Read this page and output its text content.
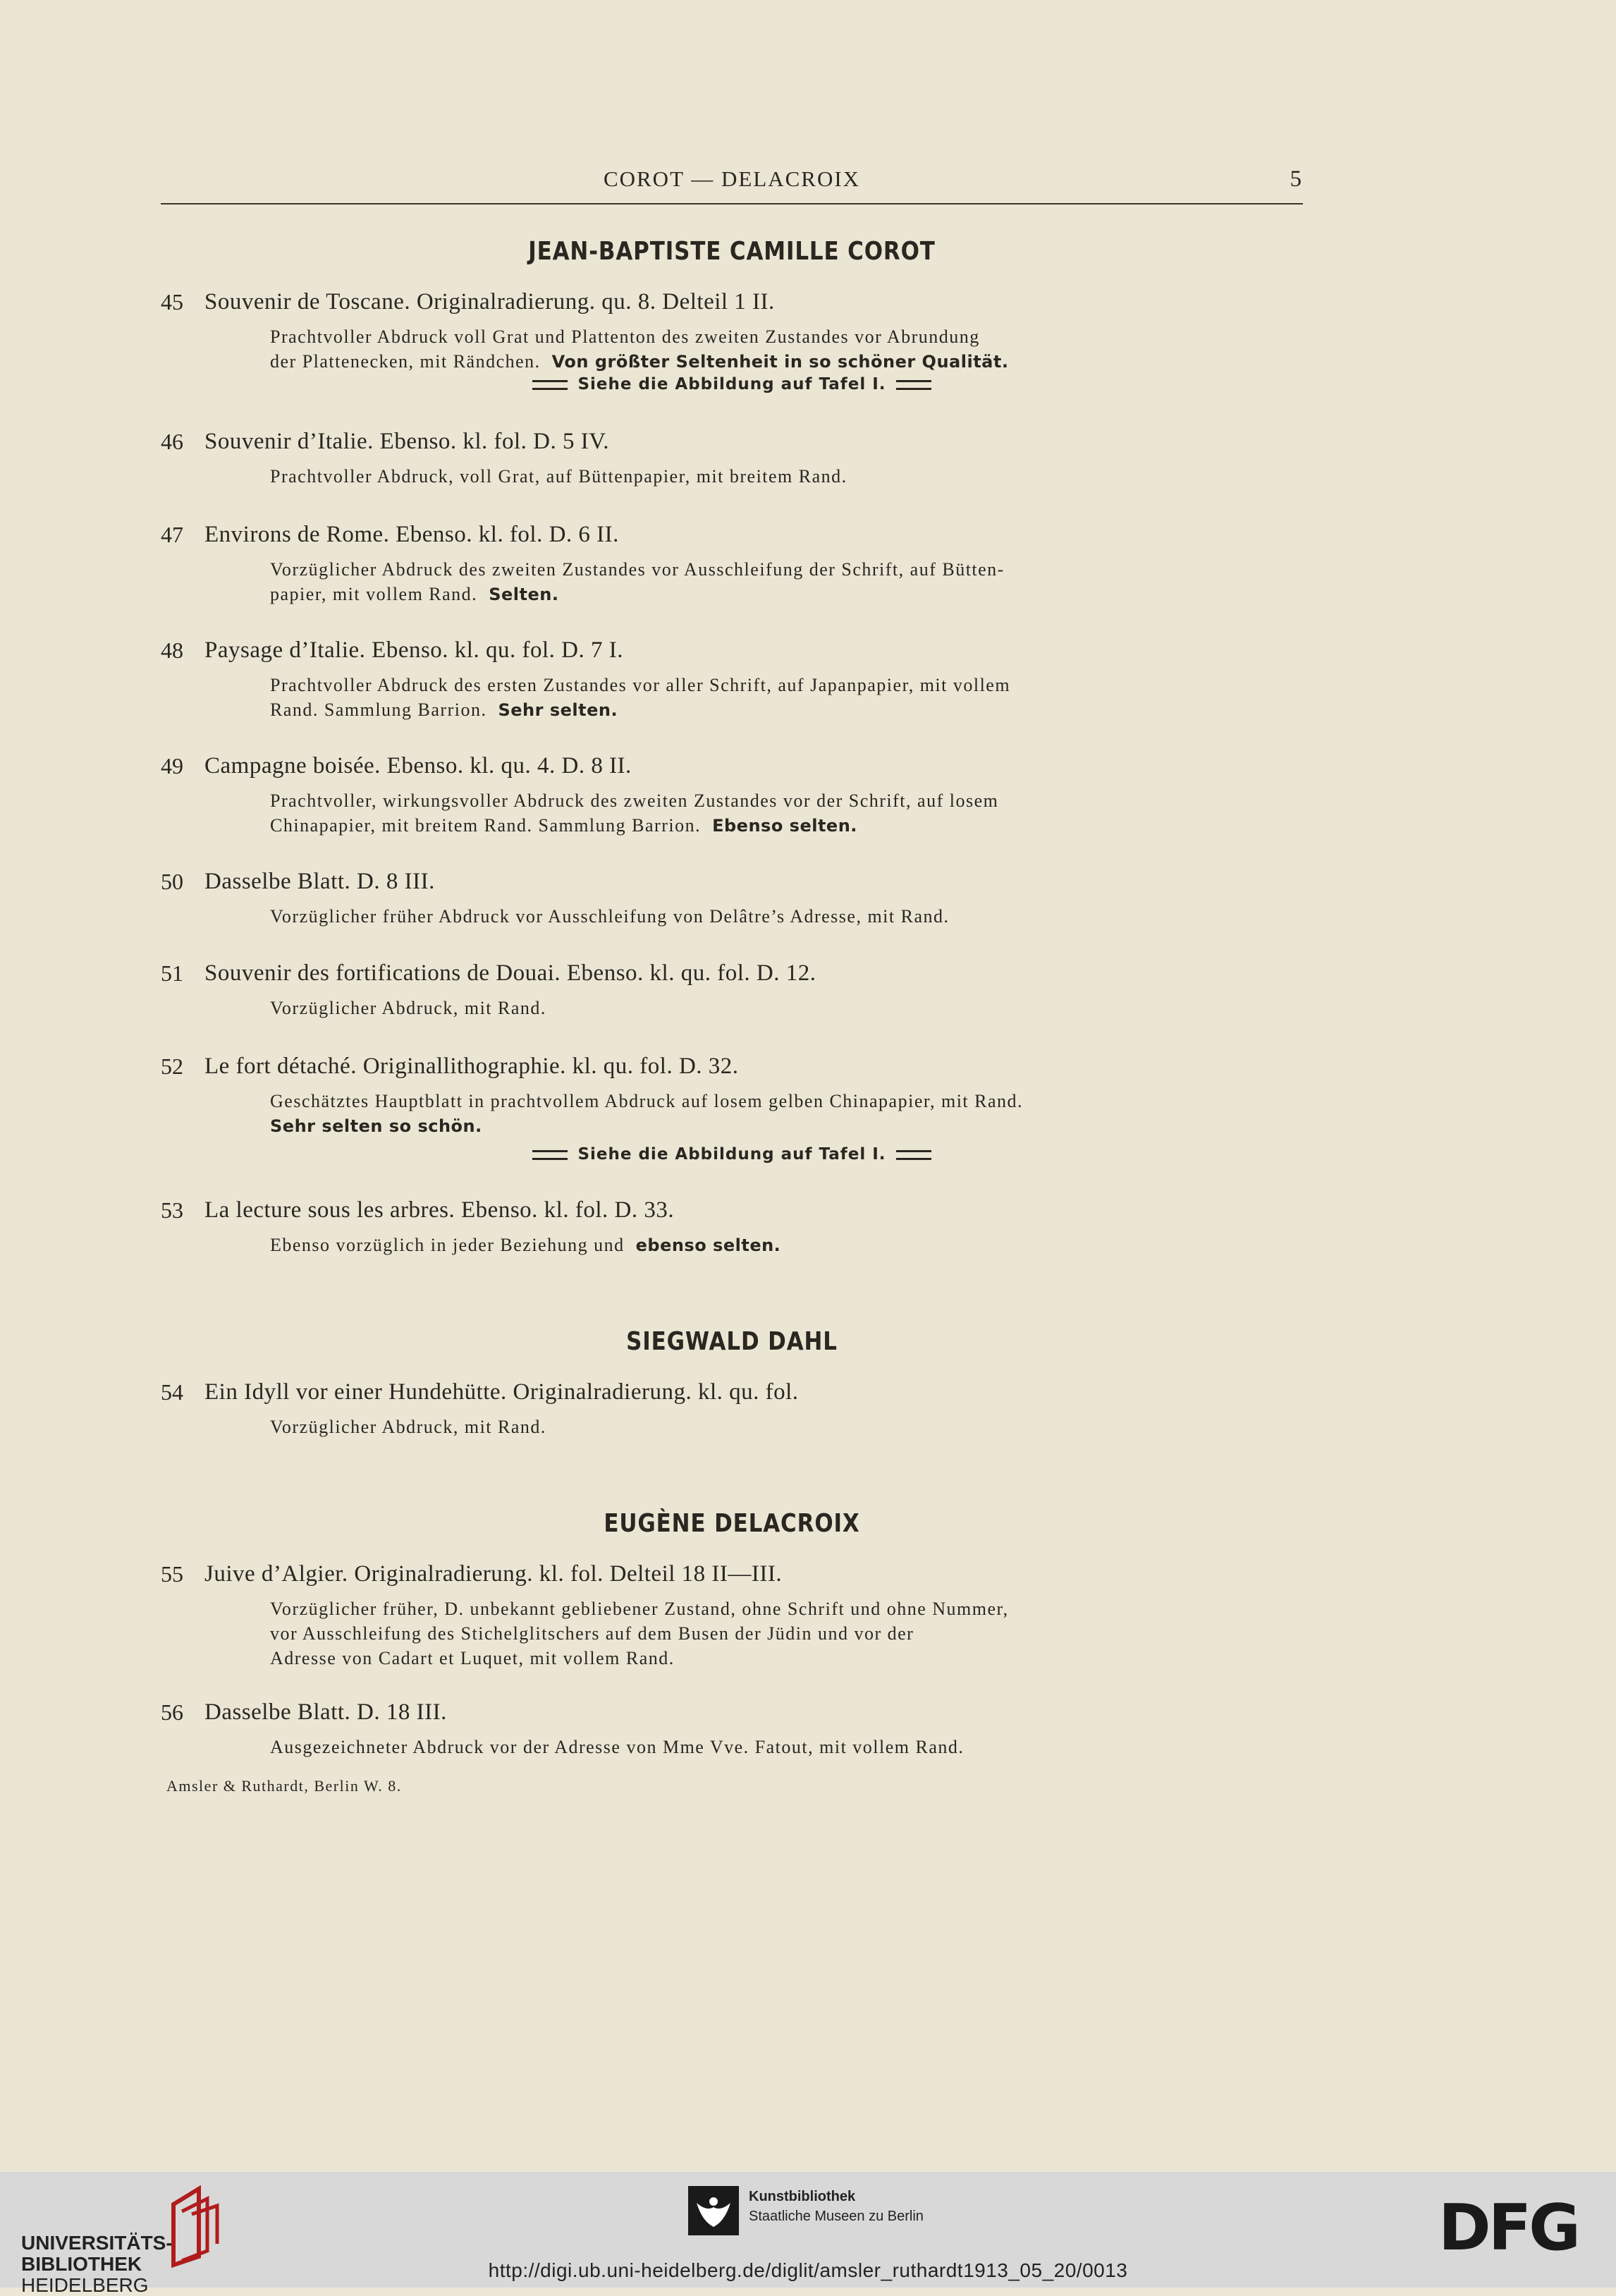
COROT — DELACROIX	5
JEAN-BAPTISTE CAMILLE COROT
45 Souvenir de Toscane. Originalradierung. qu. 8. Delteil 1 II.
Prachtvoller Abdruck voll Grat und Plattenton des zweiten Zustandes vor Abrundung
der Plattenecken, mit Rändchen. Von größter Seltenheit in so schöner Qualität.
Siehe die Abbildung auf Tafel I.
46 Souvenir d’Italie. Ebenso. kl. fol. D. 5 IV.
Prachtvoller Abdruck, voll Grat, auf Büttenpapier, mit breitem Rand.
47 Environs de Rome. Ebenso. kl. fol. D. 6 II.
Vorzüglicher Abdruck des zweiten Zustandes vor Ausschleifung der Schrift, auf Bütten-
papier, mit vollem Rand. Selten.
48 Paysage d’Italie. Ebenso. kl. qu. fol. D. 7 I.
Prachtvoller Abdruck des ersten Zustandes vor aller Schrift, auf Japanpapier, mit vollem
Rand. Sammlung Barrion. Sehr selten.
49 Campagne boisée. Ebenso. kl. qu. 4. D. 8 II.
Prachtvoller, wirkungsvoller Abdruck des zweiten Zustandes vor der Schrift, auf losem
Chinapapier, mit breitem Rand. Sammlung Barrion. Ebenso selten.
50 Dasselbe Blatt. D. 8 III.
Vorzüglicher früher Abdruck vor Ausschleifung von Delâtre’s Adresse, mit Rand.
51 Souvenir des fortifications de Douai. Ebenso. kl. qu. fol. D. 12.
Vorzüglicher Abdruck, mit Rand.
52 Le fort détaché. Originallithographie. kl. qu. fol. D. 32.
Geschätztes Hauptblatt in prachtvollem Abdruck auf losem gelben Chinapapier, mit Rand.
Sehr selten so schön.
Siehe die Abbildung auf Tafel I.
53 La lecture sous les arbres. Ebenso. kl. fol. D. 33.
Ebenso vorzüglich in jeder Beziehung und ebenso selten.
SIEGWALD DAHL
54 Ein Idyll vor einer Hundehütte. Originalradierung. kl. qu. fol.
Vorzüglicher Abdruck, mit Rand.
EUGÈNE DELACROIX
55 Juive d’Algier. Originalradierung. kl. fol. Delteil 18 II—III.
Vorzüglicher früher, D. unbekannt gebliebener Zustand, ohne Schrift und ohne Nummer,
vor Ausschleifung des Stichelglitschers auf dem Busen der Jüdin und vor der
Adresse von Cadart et Luquet, mit vollem Rand.
56 Dasselbe Blatt. D. 18 III.
Ausgezeichneter Abdruck vor der Adresse von Mme Vve. Fatout, mit vollem Rand.
Amsler & Ruthardt, Berlin W. 8.
UNIVERSITÄTS-
BIBLIOTHEK
HEIDELBERG
Kunstbibliothek
Staatliche Museen zu Berlin	DFG
http://digi.ub.uni-heidelberg.de/diglit/amsler_ruthardt1913_05_20/0013
